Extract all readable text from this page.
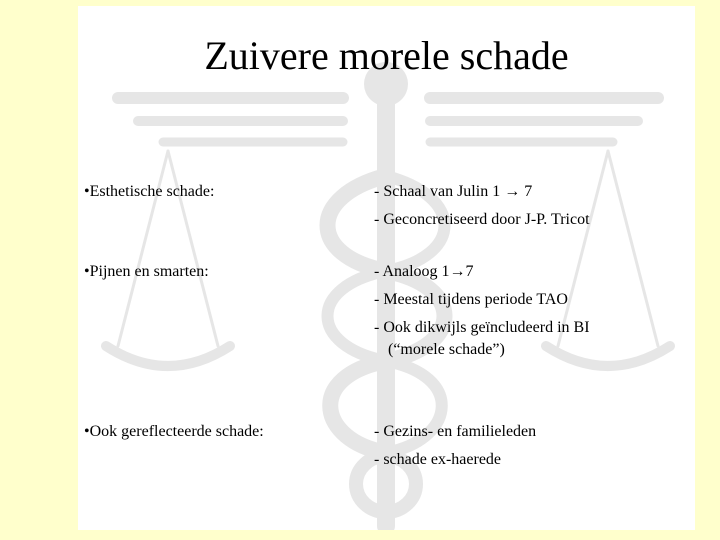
Zuivere morele schade
•Esthetische schade:	- Schaal van Julin 1 → 7
- Geconcretiseerd door J-P. Tricot
•Pijnen en smarten:	- Analoog 1→7
- Meestal tijdens periode TAO
- Ook dikwijls geïncludeerd in BI
(“morele schade”)
•Ook gereflecteerde schade:	- Gezins- en familieleden
- schade ex-haerede
